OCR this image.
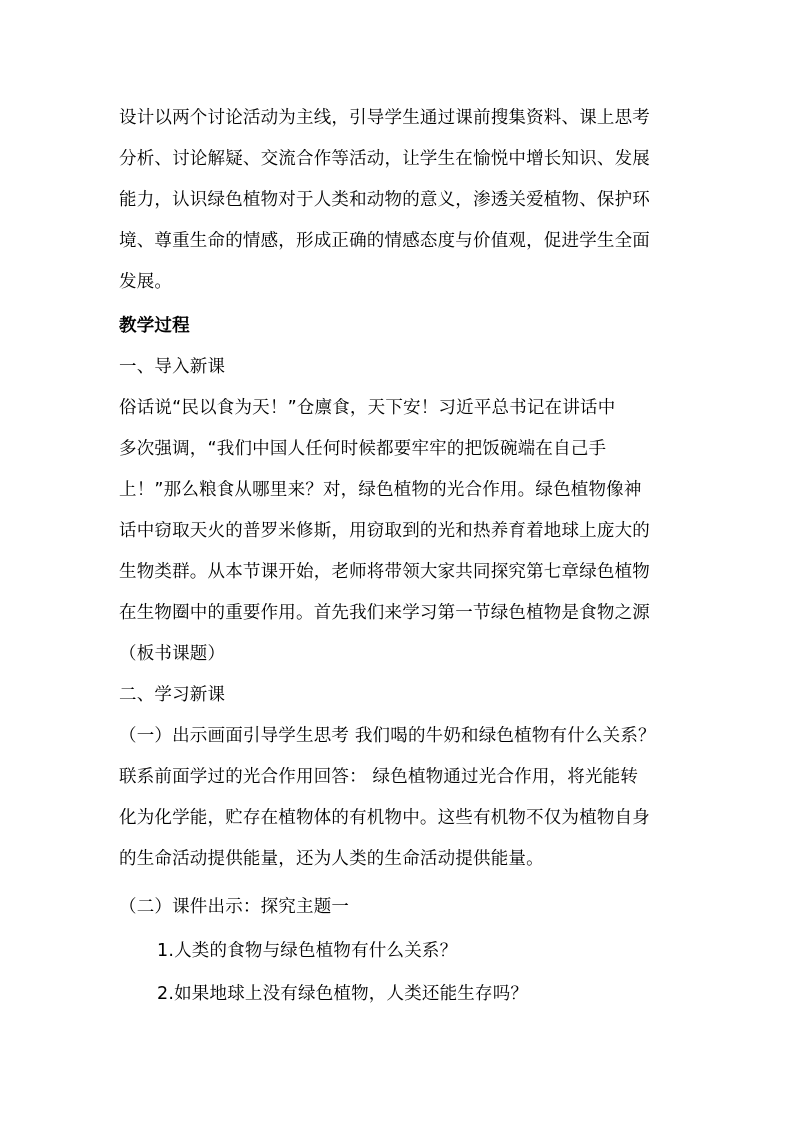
设计以两个讨论活动为主线，引导学生通过课前搜集资料、课上思考
分析、讨论解疑、交流合作等活动，让学生在愉悦中增长知识、发展
能力，认识绿色植物对于人类和动物的意义，渗透关爱植物、保护环
境、尊重生命的情感，形成正确的情感态度与价值观，促进学生全面
发展。
教学过程
一、导入新课
俗话说“民以食为天！”仓廪食，天下安！习近平总书记在讲话中
多次强调，“我们中国人任何时候都要牢牢的把饭碗端在自己手
上！”那么粮食从哪里来？对，绿色植物的光合作用。绿色植物像神
话中窃取天火的普罗米修斯，用窃取到的光和热养育着地球上庞大的
生物类群。从本节课开始，老师将带领大家共同探究第七章绿色植物
在生物圈中的重要作用。首先我们来学习第一节绿色植物是食物之源
（板书课题）
二、学习新课
（一）出示画面引导学生思考 我们喝的牛奶和绿色植物有什么关系？
联系前面学过的光合作用回答： 绿色植物通过光合作用，将光能转
化为化学能，贮存在植物体的有机物中。这些有机物不仅为植物自身
的生命活动提供能量，还为人类的生命活动提供能量。
（二）课件出示：探究主题一
1.人类的食物与绿色植物有什么关系？
2.如果地球上没有绿色植物，人类还能生存吗？
